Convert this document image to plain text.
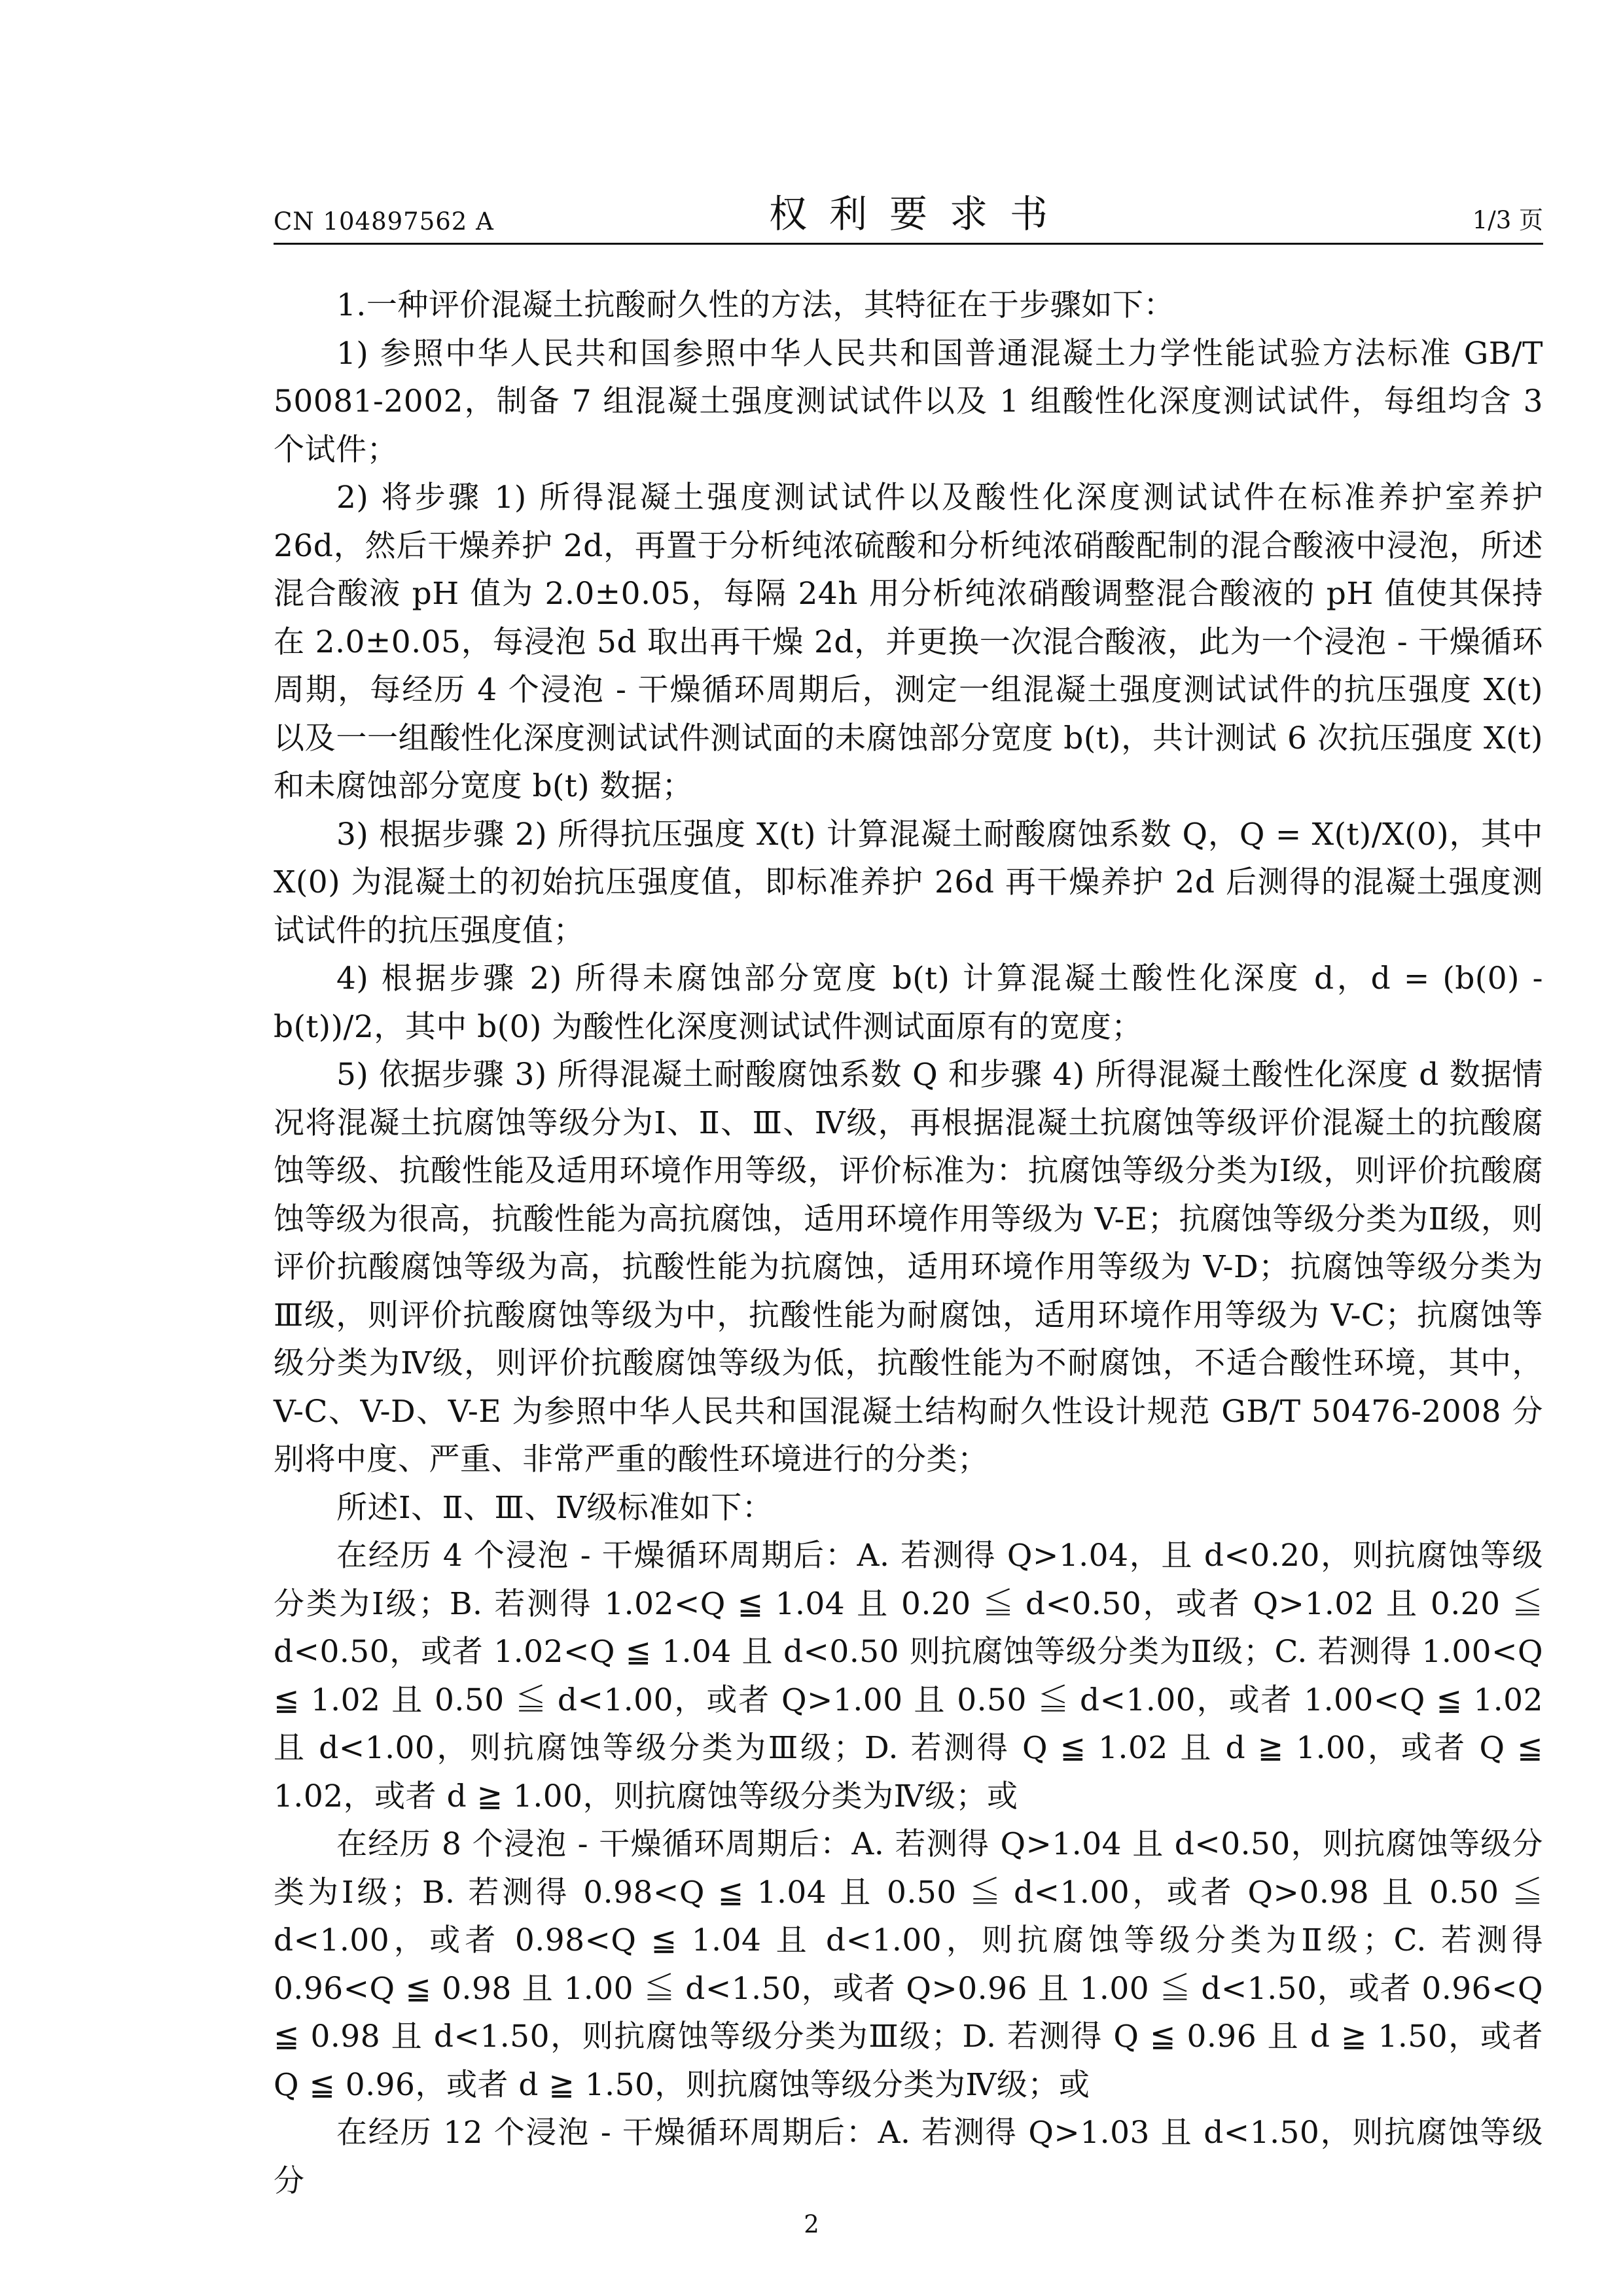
CN 104897562 A	权利要求书	1/3 页

1.一种评价混凝土抗酸耐久性的方法，其特征在于步骤如下：

1) 参照中华人民共和国参照中华人民共和国普通混凝土力学性能试验方法标准 GB/T 50081-2002，制备 7 组混凝土强度测试试件以及 1 组酸性化深度测试试件，每组均含 3 个试件；

2) 将步骤 1) 所得混凝土强度测试试件以及酸性化深度测试试件在标准养护室养护 26d，然后干燥养护 2d，再置于分析纯浓硫酸和分析纯浓硝酸配制的混合酸液中浸泡，所述混合酸液 pH 值为 2.0±0.05，每隔 24h 用分析纯浓硝酸调整混合酸液的 pH 值使其保持在 2.0±0.05，每浸泡 5d 取出再干燥 2d，并更换一次混合酸液，此为一个浸泡 - 干燥循环周期，每经历 4 个浸泡 - 干燥循环周期后，测定一组混凝土强度测试试件的抗压强度 X(t) 以及一一组酸性化深度测试试件测试面的未腐蚀部分宽度 b(t)，共计测试 6 次抗压强度 X(t) 和未腐蚀部分宽度 b(t) 数据；

3) 根据步骤 2) 所得抗压强度 X(t) 计算混凝土耐酸腐蚀系数 Q，Q = X(t)/X(0)，其中 X(0) 为混凝土的初始抗压强度值，即标准养护 26d 再干燥养护 2d 后测得的混凝土强度测试试件的抗压强度值；

4) 根据步骤 2) 所得未腐蚀部分宽度 b(t) 计算混凝土酸性化深度 d，d = (b(0) - b(t))/2，其中 b(0) 为酸性化深度测试试件测试面原有的宽度；

5) 依据步骤 3) 所得混凝土耐酸腐蚀系数 Q 和步骤 4) 所得混凝土酸性化深度 d 数据情况将混凝土抗腐蚀等级分为Ⅰ、Ⅱ、Ⅲ、Ⅳ级，再根据混凝土抗腐蚀等级评价混凝土的抗酸腐蚀等级、抗酸性能及适用环境作用等级，评价标准为：抗腐蚀等级分类为Ⅰ级，则评价抗酸腐蚀等级为很高，抗酸性能为高抗腐蚀，适用环境作用等级为 V-E；抗腐蚀等级分类为Ⅱ级，则评价抗酸腐蚀等级为高，抗酸性能为抗腐蚀，适用环境作用等级为 V-D；抗腐蚀等级分类为Ⅲ级，则评价抗酸腐蚀等级为中，抗酸性能为耐腐蚀，适用环境作用等级为 V-C；抗腐蚀等级分类为Ⅳ级，则评价抗酸腐蚀等级为低，抗酸性能为不耐腐蚀，不适合酸性环境，其中，V-C、V-D、V-E 为参照中华人民共和国混凝土结构耐久性设计规范 GB/T 50476-2008 分别将中度、严重、非常严重的酸性环境进行的分类；

所述Ⅰ、Ⅱ、Ⅲ、Ⅳ级标准如下：

在经历 4 个浸泡 - 干燥循环周期后：A. 若测得 Q>1.04，且 d<0.20，则抗腐蚀等级分类为Ⅰ级；B. 若测得 1.02<Q ≦ 1.04 且 0.20 ≦ d<0.50，或者 Q>1.02 且 0.20 ≦ d<0.50，或者 1.02<Q ≦ 1.04 且 d<0.50 则抗腐蚀等级分类为Ⅱ级；C. 若测得 1.00<Q ≦ 1.02 且 0.50 ≦ d<1.00，或者 Q>1.00 且 0.50 ≦ d<1.00，或者 1.00<Q ≦ 1.02 且 d<1.00，则抗腐蚀等级分类为Ⅲ级；D. 若测得 Q ≦ 1.02 且 d ≧ 1.00，或者 Q ≦ 1.02，或者 d ≧ 1.00，则抗腐蚀等级分类为Ⅳ级；或

在经历 8 个浸泡 - 干燥循环周期后：A. 若测得 Q>1.04 且 d<0.50，则抗腐蚀等级分类为Ⅰ级；B. 若测得 0.98<Q ≦ 1.04 且 0.50 ≦ d<1.00，或者 Q>0.98 且 0.50 ≦ d<1.00，或者 0.98<Q ≦ 1.04 且 d<1.00，则抗腐蚀等级分类为Ⅱ级；C. 若测得 0.96<Q ≦ 0.98 且 1.00 ≦ d<1.50，或者 Q>0.96 且 1.00 ≦ d<1.50，或者 0.96<Q ≦ 0.98 且 d<1.50，则抗腐蚀等级分类为Ⅲ级；D. 若测得 Q ≦ 0.96 且 d ≧ 1.50，或者 Q ≦ 0.96，或者 d ≧ 1.50，则抗腐蚀等级分类为Ⅳ级；或

在经历 12 个浸泡 - 干燥循环周期后：A. 若测得 Q>1.03 且 d<1.50，则抗腐蚀等级分

2
